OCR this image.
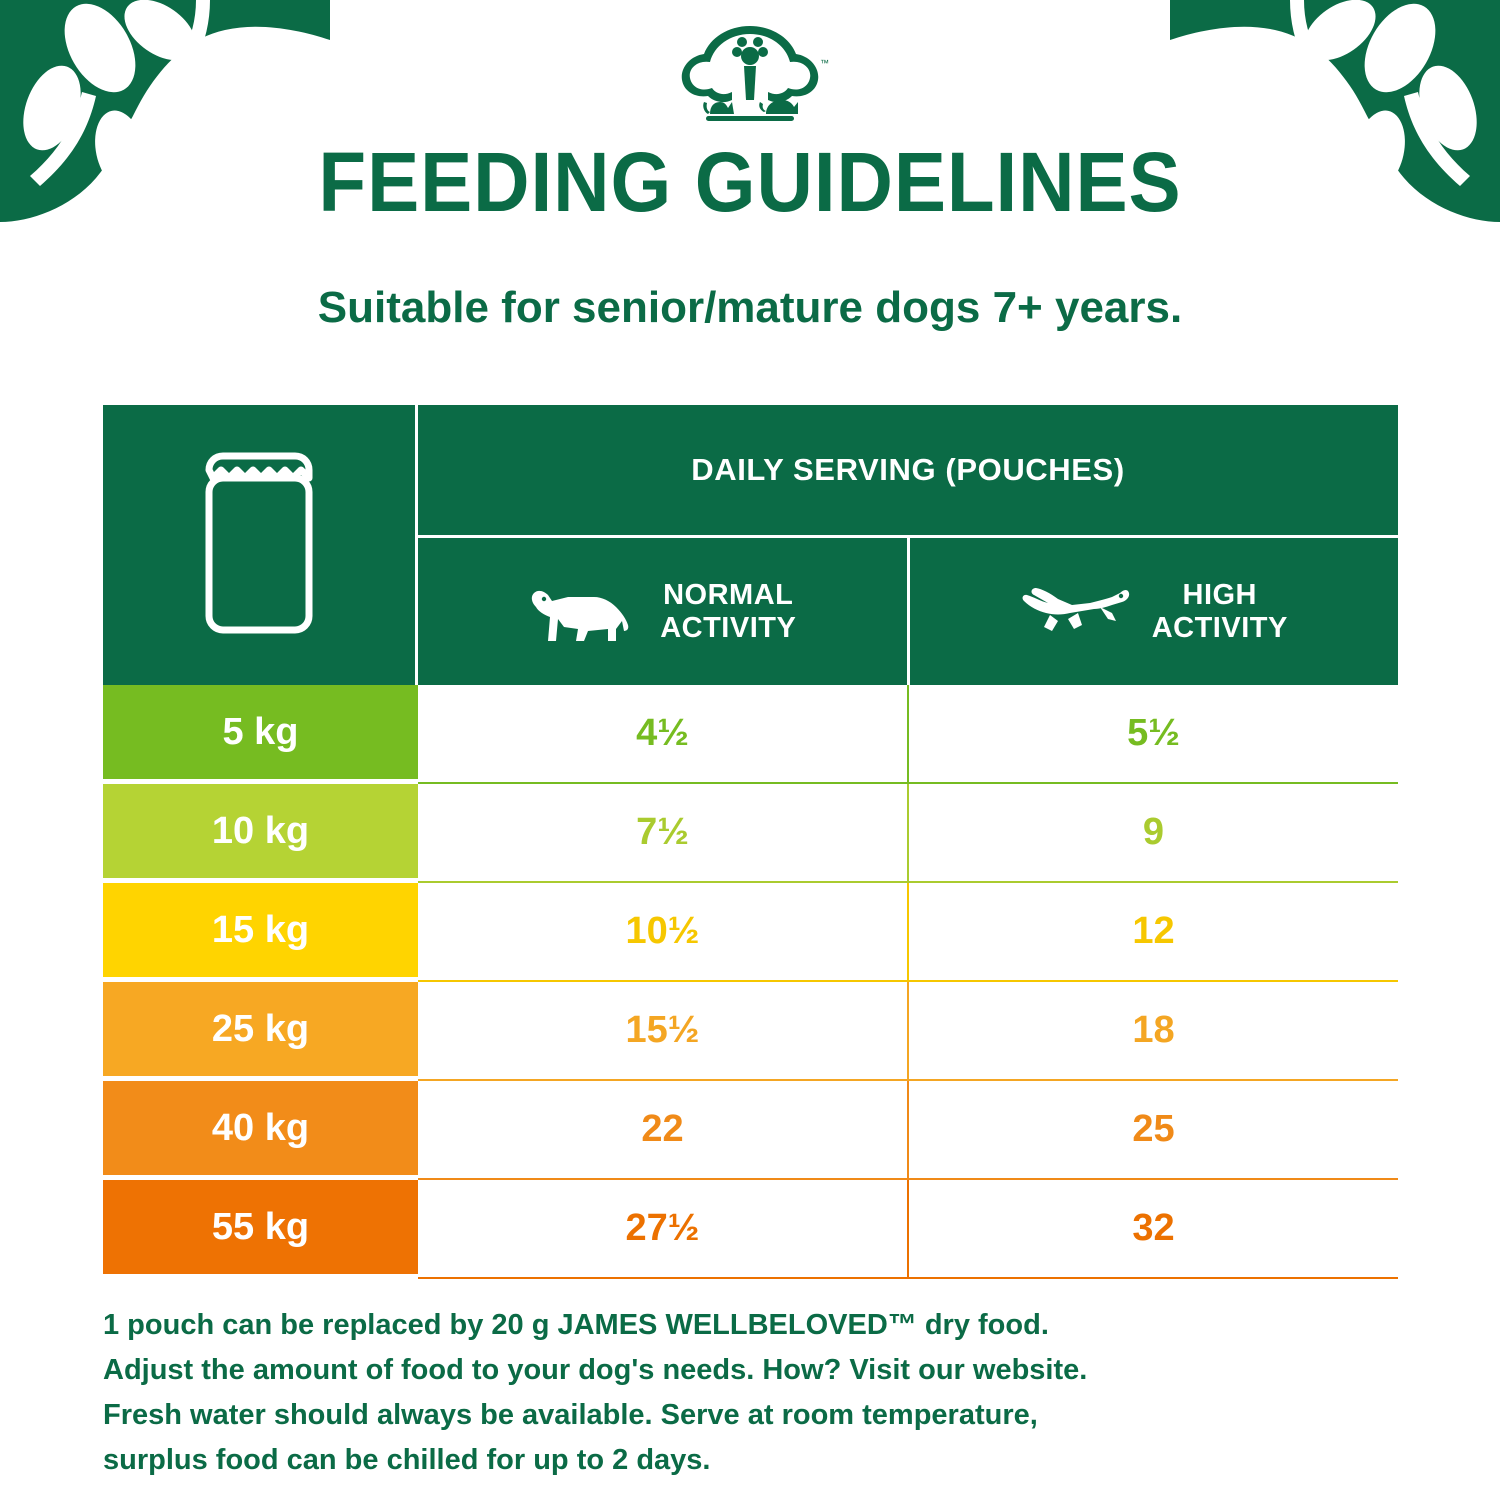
™
FEEDING GUIDELINES
Suitable for senior/mature dogs 7+ years.
DAILY SERVING (POUCHES)
NORMAL
ACTIVITY
HIGH
ACTIVITY
5 kg	4½	5½
10 kg	7½	9
15 kg	10½	12
25 kg	15½	18
40 kg	22	25
55 kg	27½	32
1 pouch can be replaced by 20 g JAMES WELLBELOVED™ dry food.
Adjust the amount of food to your dog's needs. How? Visit our website.
Fresh water should always be available. Serve at room temperature,
surplus food can be chilled for up to 2 days.
